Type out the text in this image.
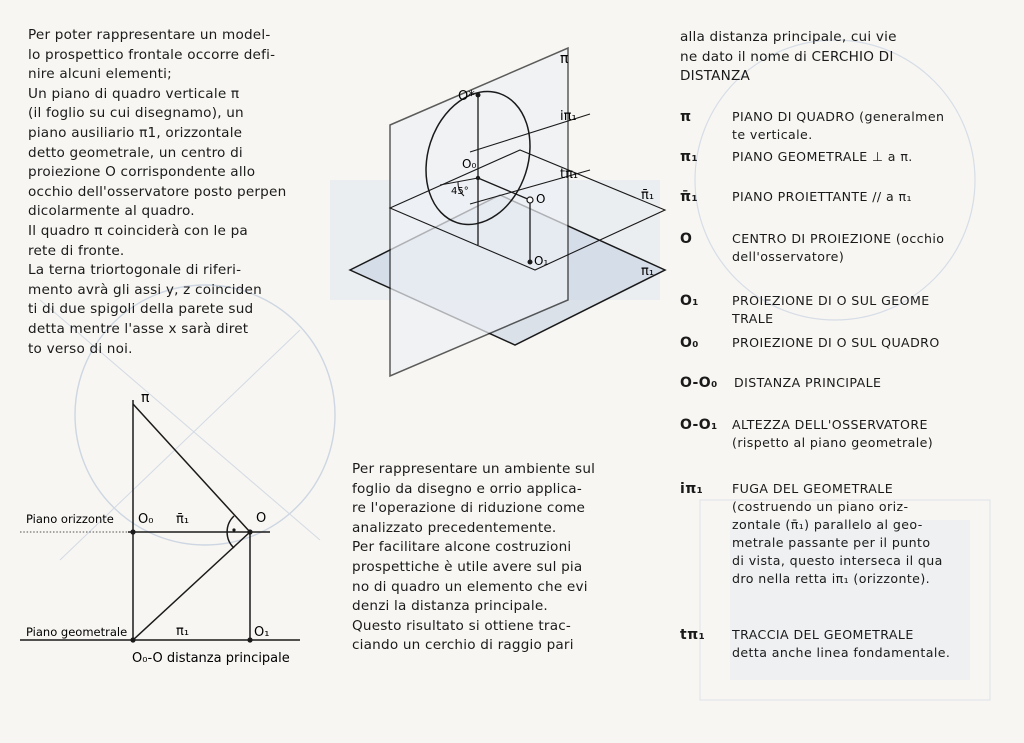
Per poter rappresentare un model-
lo prospettico frontale occorre defi-
nire alcuni elementi;
Un piano di quadro verticale π
(il foglio su cui disegnamo), un
piano ausiliario π1, orizzontale
detto geometrale, un centro di
proiezione O corrispondente allo
occhio dell'osservatore posto perpen
dicolarmente al quadro.
Il quadro π coinciderà con le pa
rete di fronte.
La terna triortogonale di riferi-
mento avrà gli assi y, z coinciden
ti di due spigoli della parete sud
detta mentre l'asse x sarà diret
to verso di noi.

π
Piano orizzonte
Piano geometrale
O₀ π̄₁	O
π₁	O₁
O₀-O distanza principale
π
O*
iπ₁
tπ₁
π̄₁
π₁
O₀
O
O₁
45°

Per rappresentare un ambiente sul
foglio da disegno e orrio applica-
re l'operazione di riduzione come
analizzato precedentemente.
Per facilitare alcone costruzioni
prospettiche è utile avere sul pia
no di quadro un elemento che evi
denzi la distanza principale.
Questo risultato si ottiene trac-
ciando un cerchio di raggio pari

alla distanza principale, cui vie
ne dato il nome di CERCHIO DI
DISTANZA

π	PIANO DI QUADRO (generalmen
te verticale.
π₁	PIANO GEOMETRALE ⊥ a π.
π̄₁	PIANO PROIETTANTE // a π₁
O	CENTRO DI PROIEZIONE (occhio
dell'osservatore)
O₁	PROIEZIONE DI O SUL GEOME
TRALE
O₀	PROIEZIONE DI O SUL QUADRO
O-O₀ DISTANZA PRINCIPALE
O-O₁ ALTEZZA DELL'OSSERVATORE
(rispetto al piano geometrale)
iπ₁ FUGA DEL GEOMETRALE
(costruendo un piano oriz-
zontale (π̄₁) parallelo al geo-
metrale passante per il punto
di vista, questo interseca il qua
dro nella retta iπ₁ (orizzonte).
tπ₁ TRACCIA DEL GEOMETRALE
detta anche linea fondamentale.
